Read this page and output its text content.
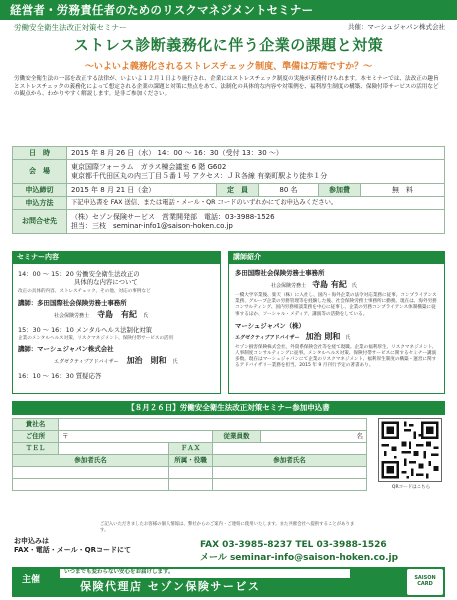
経営者・労務責任者のためのリスクマネジメントセミナー
労働安全衛生法改正対策セミナー	共催：マーシュジャパン株式会社
ストレス診断義務化に伴う企業の課題と対策
～いよいよ義務化されるストレスチェック制度、準備は万端ですか？～
労働安全衛生法の一部を改正する法律が、いよいよ１２月１日より施行され、企業にはストレスチェック制度の実施が義務付けられます。本セミナーでは、法改正の趣旨とストレスチェックの義務化によって想定される企業の課題と対策に焦点をあて、法制化の具体的な内容や対策例を、福利厚生制度の構築、保険付帯サービスの活用などの観点から、わかりやすく解説します。是非ご参加ください。
日　時	2015 年 8 月 26 日（水） 14：00 ～ 16：30（受付 13：30 ～）				
会　場	東京国際フォーラム　ガラス棟会議室 6 階 G602
東京都千代田区丸の内三丁目５番１号 アクセス：ＪＲ各線 有楽町駅より徒歩１分				

申込締切	2015 年 8 月 21 日（金）	定　員	80 名	参加費	無　料
申込方法	下記申込書を FAX 送信、または電話・メール・QR コードのいずれかにてお申込みください。				
お問合せ先	（株）セゾン保険サービス　営業開発部　電話：03-3988-1526
担当：三枝　seminar-info1@saison-hoken.co.jp				
セミナー内容

14：00 ～ 15：20 労働安全衛生法改正の

具体的な内容について

改正の具体的内容、ストレスチェック、その他、対応の事例など

講師：多田国際社会保険労務士事務所

社会保険労務士 寺島　有紀 氏

15：30 ～ 16：10 メンタルヘルス法制化対策

企業のメンタルヘルス対策、リスクマネジメント、保険付帯サービスの活用

講師：マーシュジャパン株式会社

エグゼクティブアドバイザー 加治　則和 氏

16：10 ～ 16：30 質疑応答

講師紹介

多田国際社会保険労務士事務所

社会保険労務士 寺島 有紀 氏

一橋大学卒業後、楽天（株）に入社し、国内・海外企業の法令対応業務に従事。コンプライアンス業務、グループ企業の労務管理等を経験した後、社会保険労務士事務所に勤務。現在は、海外労務コンサルティング、国内労務相談業務を中心に従事し、企業の労務コンプライアンス体制構築に従事するほか、ソーシャル・メディア、講演等の活動をしている。

マーシュジャパン（株）

エグゼクティブアドバイザー 加治 則和 氏

セゾン損害保険株式会社、外資系保険会社等を経て現職。企業の福利厚生、リスクマネジメント、人事制度コンサルティングに従事。メンタルヘルス対策、保険付帯サービスに関するセミナー講演多数。現在はマーシュジャパンにて企業のリスクマネジメント、福利厚生制度の構築・運営に関するアドバイザリー業務を担当。2015 年 9 月刊行予定の著書あり。

【８月２６日】労働安全衛生法改正対策セミナー参加申込書
貴社名				
ご住所	〒		従業員数	名
ＴＥＬ		ＦＡＸ		
参加者氏名		所属・役職	参加者氏名	

QRコードはこちら
ご記入いただきましたお客様の個人情報は、弊社からのご案内・ご連絡に使用いたします。また共催会社へ提供することがあります。
お申込みは
FAX・電話・メール・QRコードにて
FAX 03-3985-8237 TEL 03-3988-1526
メール seminar-info@saison-hoken.co.jp
主催
いつまでも変わらない安心をお届けします。
保険代理店 セゾン保険サービス
SAISON
CARD
